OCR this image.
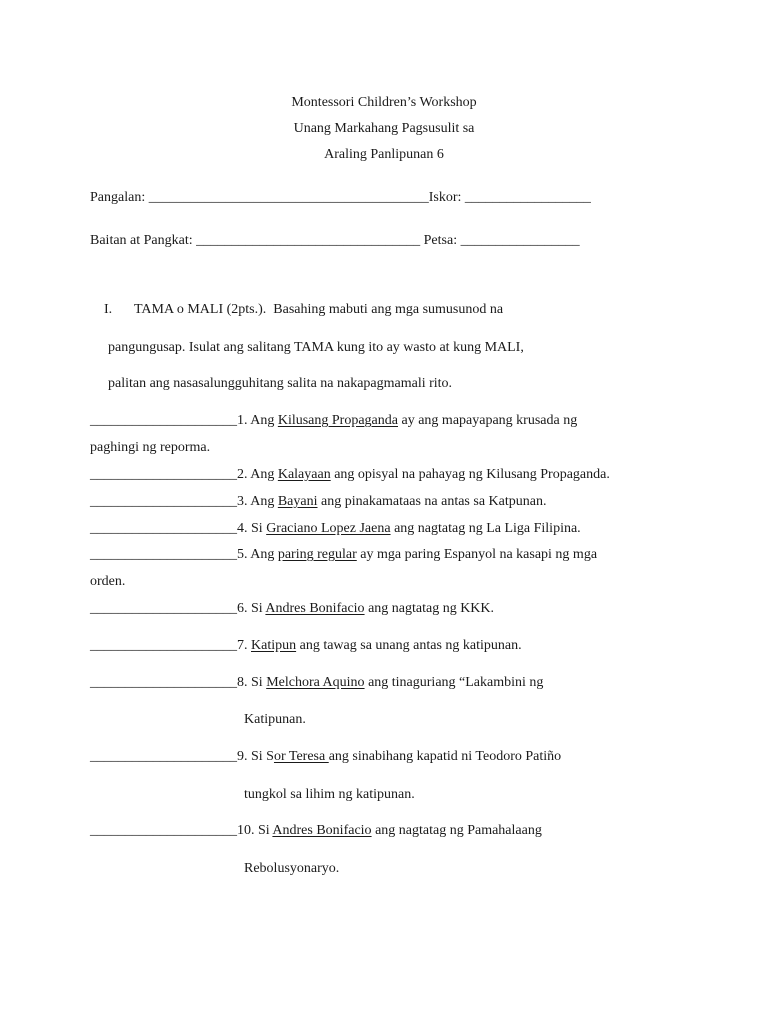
Montessori Children’s Workshop
Unang Markahang Pagsusulit sa
Araling Panlipunan 6
Pangalan: ________________________________________Iskor: __________________
Baitan at Pangkat: ________________________________ Petsa: _________________
I. TAMA o MALI (2pts.).  Basahing mabuti ang mga sumusunod na
pangungusap. Isulat ang salitang TAMA kung ito ay wasto at kung MALI,
palitan ang nasasalungguhitang salita na nakapagmamali rito.
_____________________1. Ang Kilusang Propaganda ay ang mapayapang krusada ng
paghingi ng reporma.
_____________________2. Ang Kalayaan ang opisyal na pahayag ng Kilusang Propaganda.
_____________________3. Ang Bayani ang pinakamataas na antas sa Katpunan.
_____________________4. Si Graciano Lopez Jaena ang nagtatag ng La Liga Filipina.
_____________________5. Ang paring regular ay mga paring Espanyol na kasapi ng mga
orden.
_____________________6. Si Andres Bonifacio ang nagtatag ng KKK.
_____________________7. Katipun ang tawag sa unang antas ng katipunan.
_____________________8. Si Melchora Aquino ang tinaguriang “Lakambini ng
Katipunan.
_____________________9. Si Sor Teresa ang sinabihang kapatid ni Teodoro Patiño
tungkol sa lihim ng katipunan.
_____________________10. Si Andres Bonifacio ang nagtatag ng Pamahalaang
Rebolusyonaryo.
